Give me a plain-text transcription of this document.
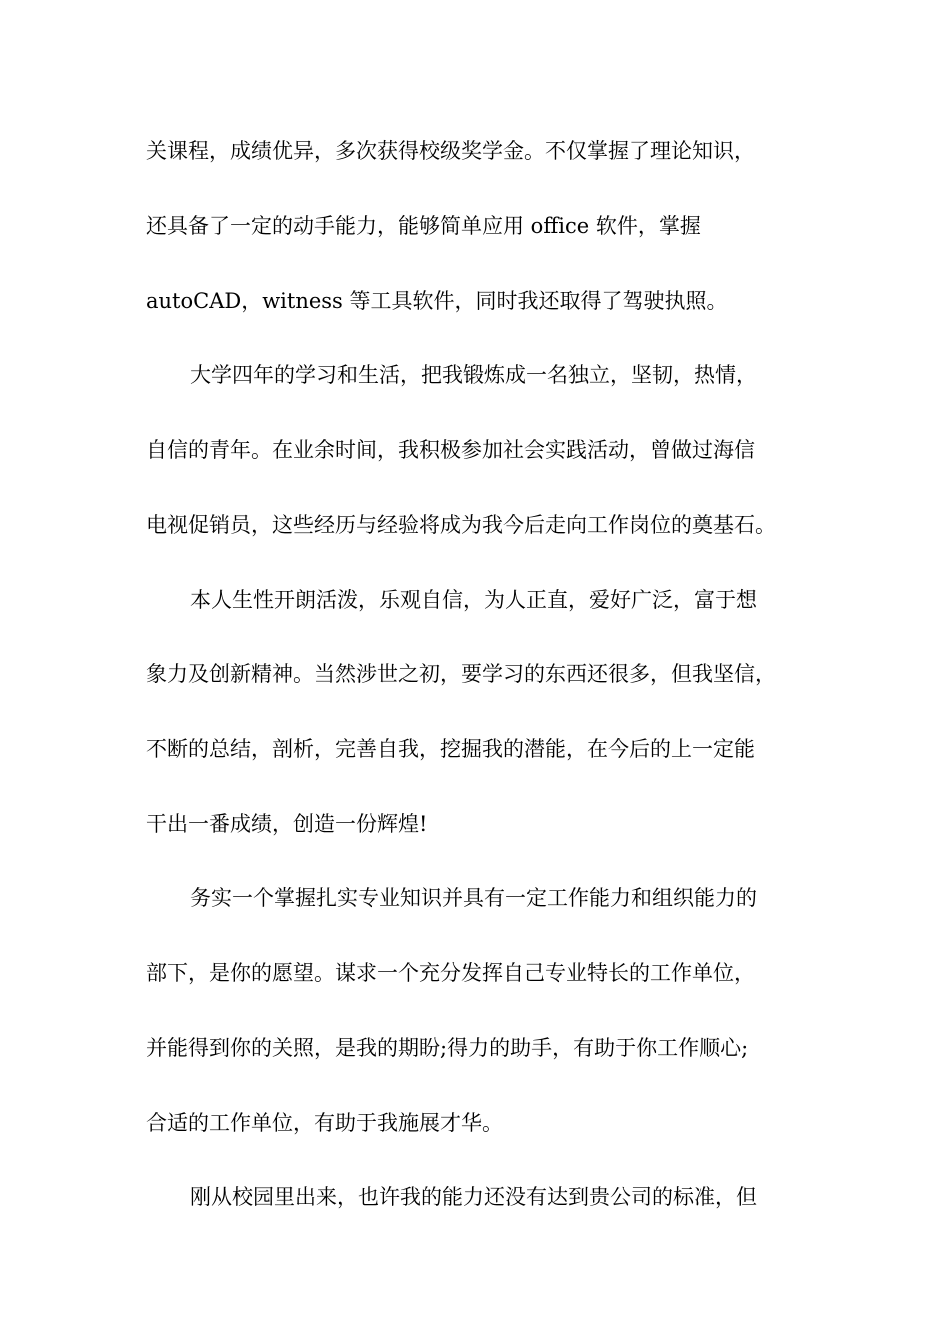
关课程，成绩优异，多次获得校级奖学金。不仅掌握了理论知识，
还具备了一定的动手能力，能够简单应用 office 软件，掌握
autoCAD，witness 等工具软件，同时我还取得了驾驶执照。
大学四年的学习和生活，把我锻炼成一名独立，坚韧，热情，
自信的青年。在业余时间，我积极参加社会实践活动，曾做过海信
电视促销员，这些经历与经验将成为我今后走向工作岗位的奠基石。
本人生性开朗活泼，乐观自信，为人正直，爱好广泛，富于想
象力及创新精神。当然涉世之初，要学习的东西还很多，但我坚信，
不断的总结，剖析，完善自我，挖掘我的潜能，在今后的上一定能
干出一番成绩，创造一份辉煌!
务实一个掌握扎实专业知识并具有一定工作能力和组织能力的
部下，是你的愿望。谋求一个充分发挥自己专业特长的工作单位，
并能得到你的关照，是我的期盼;得力的助手，有助于你工作顺心;
合适的工作单位，有助于我施展才华。
刚从校园里出来，也许我的能力还没有达到贵公司的标准，但
